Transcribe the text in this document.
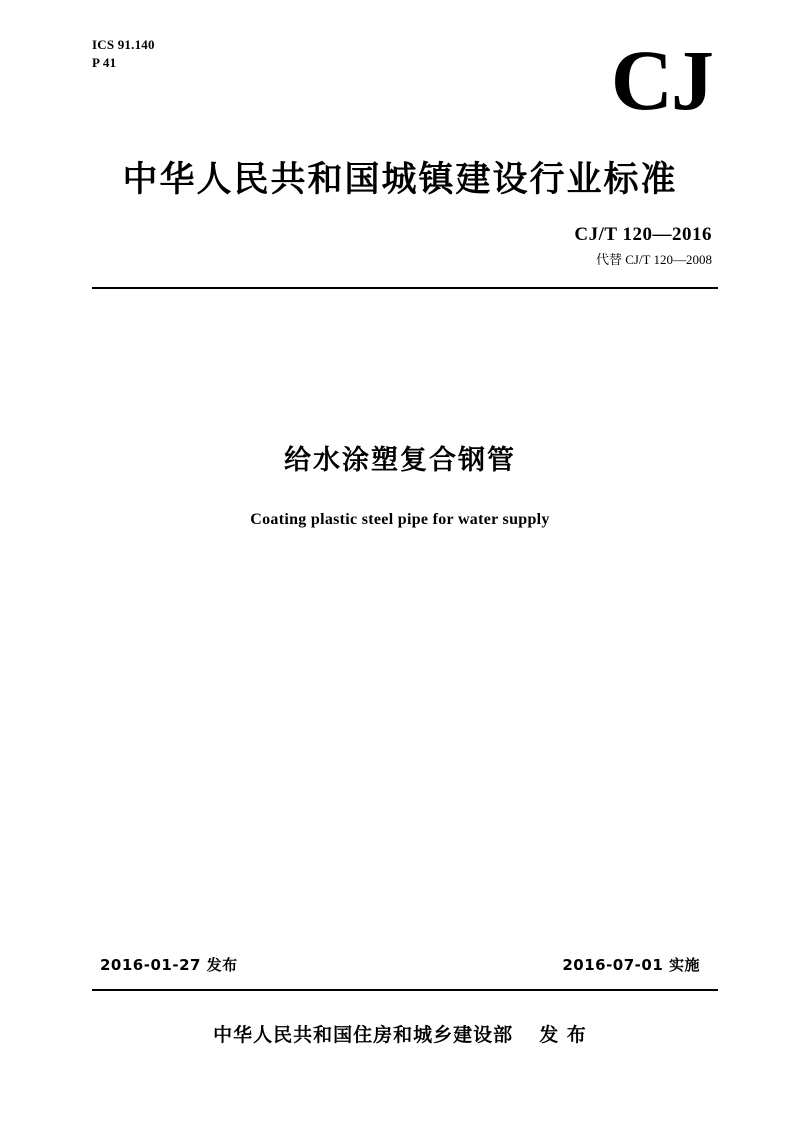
ICS 91.140
P 41	CJ
中华人民共和国城镇建设行业标准
CJ/T 120—2016
代替 CJ/T 120—2008
给水涂塑复合钢管
Coating plastic steel pipe for water supply
2016-01-27 发布	2016-07-01 实施
中华人民共和国住房和城乡建设部 发 布
